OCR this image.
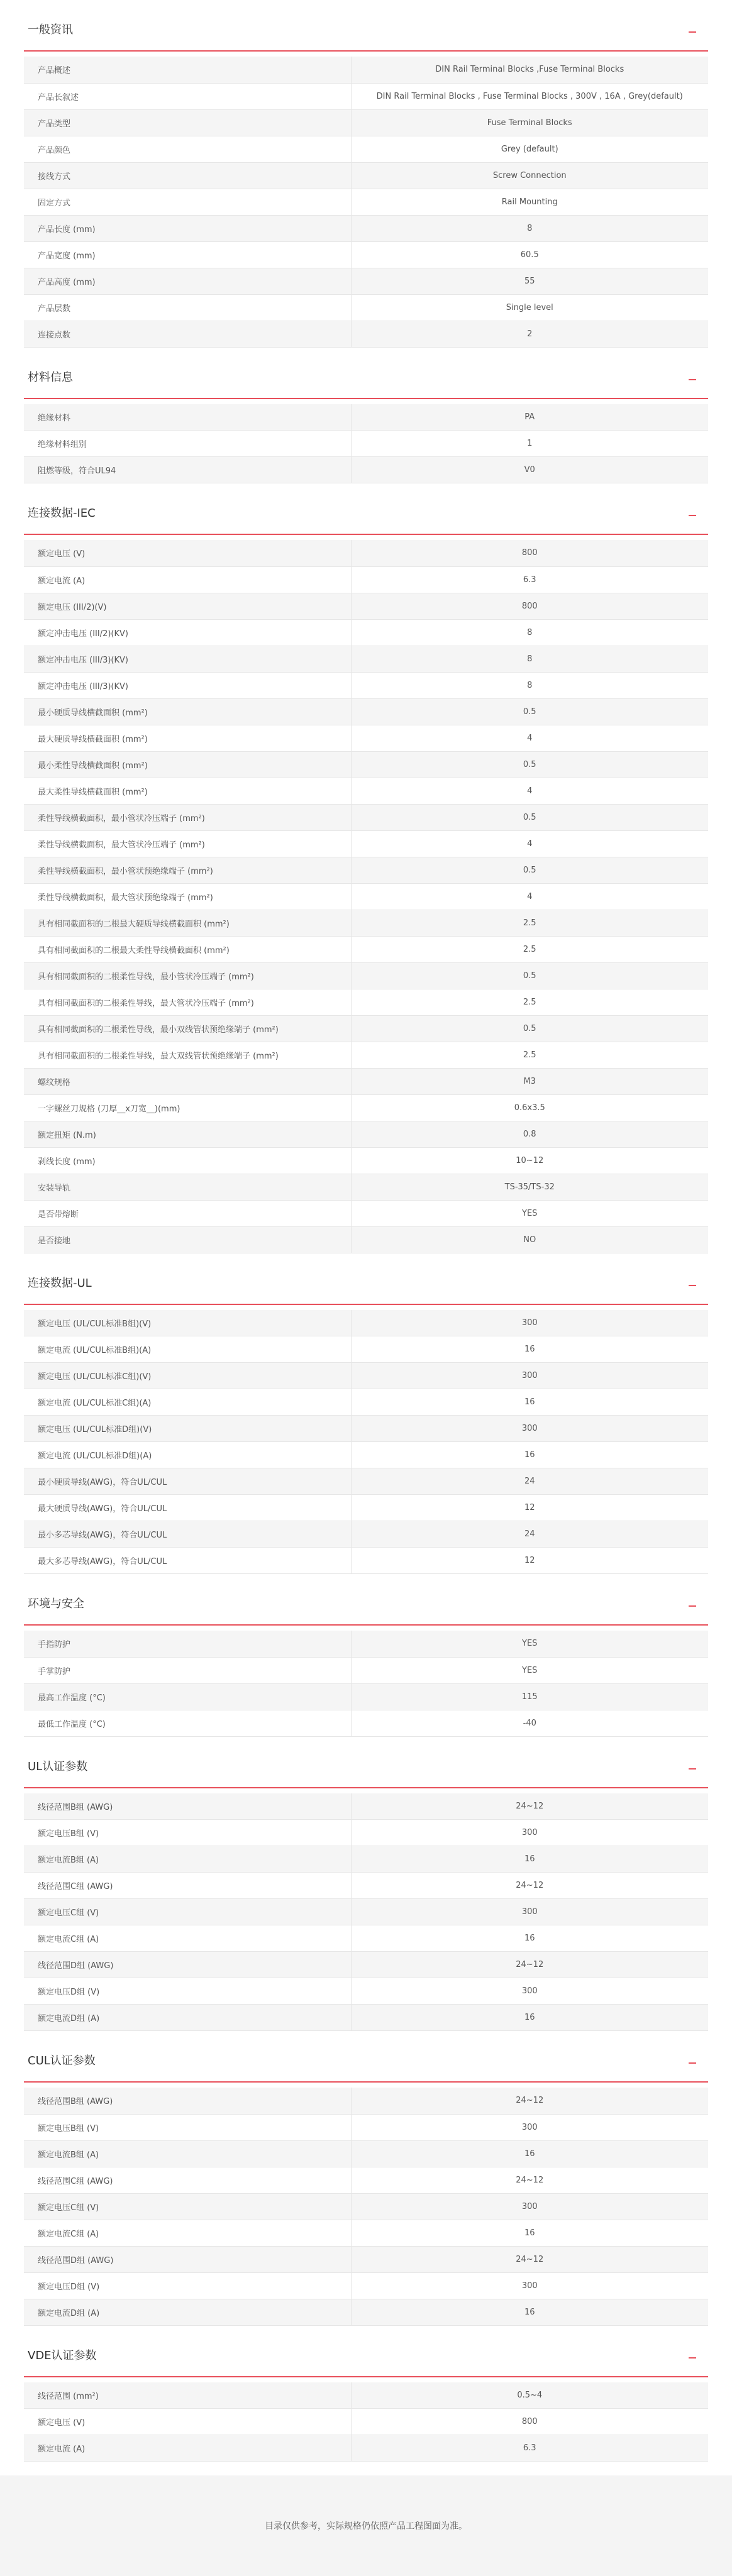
一般资讯
产品概述	DIN Rail Terminal Blocks ,Fuse Terminal Blocks
产品长叙述	DIN Rail Terminal Blocks , Fuse Terminal Blocks , 300V , 16A , Grey(default)
产品类型	Fuse Terminal Blocks
产品颜色	Grey (default)
接线方式	Screw Connection
固定方式	Rail Mounting
产品长度 (mm)	8
产品宽度 (mm)	60.5
产品高度 (mm)	55
产品层数	Single level
连接点数	2
材料信息
绝缘材料	PA
绝缘材料组别	1
阻燃等级，符合UL94	V0
连接数据-IEC
额定电压 (V)	800
额定电流 (A)	6.3
额定电压 (III/2)(V)	800
额定冲击电压 (III/2)(KV)	8
额定冲击电压 (III/3)(KV)	8
额定冲击电压 (III/3)(KV)	8
最小硬质导线横截面积 (mm²)	0.5
最大硬质导线横截面积 (mm²)	4
最小柔性导线横截面积 (mm²)	0.5
最大柔性导线横截面积 (mm²)	4
柔性导线横截面积，最小管状冷压端子 (mm²)	0.5
柔性导线横截面积，最大管状冷压端子 (mm²)	4
柔性导线横截面积，最小管状预绝缘端子 (mm²)	0.5
柔性导线横截面积，最大管状预绝缘端子 (mm²)	4
具有相同截面积的二根最大硬质导线横截面积 (mm²)	2.5
具有相同截面积的二根最大柔性导线横截面积 (mm²)	2.5
具有相同截面积的二根柔性导线，最小管状冷压端子 (mm²)	0.5
具有相同截面积的二根柔性导线，最大管状冷压端子 (mm²)	2.5
具有相同截面积的二根柔性导线，最小双线管状预绝缘端子 (mm²)	0.5
具有相同截面积的二根柔性导线，最大双线管状预绝缘端子 (mm²)	2.5
螺纹规格	M3
一字螺丝刀规格 (刀厚__x刀宽__)(mm)	0.6x3.5
额定扭矩 (N.m)	0.8
剥线长度 (mm)	10~12
安装导轨	TS-35/TS-32
是否带熔断	YES
是否接地	NO
连接数据-UL
额定电压 (UL/CUL标准B组)(V)	300
额定电流 (UL/CUL标准B组)(A)	16
额定电压 (UL/CUL标准C组)(V)	300
额定电流 (UL/CUL标准C组)(A)	16
额定电压 (UL/CUL标准D组)(V)	300
额定电流 (UL/CUL标准D组)(A)	16
最小硬质导线(AWG)，符合UL/CUL	24
最大硬质导线(AWG)，符合UL/CUL	12
最小多芯导线(AWG)，符合UL/CUL	24
最大多芯导线(AWG)，符合UL/CUL	12
环境与安全
手指防护	YES
手掌防护	YES
最高工作温度 (°C)	115
最低工作温度 (°C)	-40
UL认证参数
线径范围B组 (AWG)	24~12
额定电压B组 (V)	300
额定电流B组 (A)	16
线径范围C组 (AWG)	24~12
额定电压C组 (V)	300
额定电流C组 (A)	16
线径范围D组 (AWG)	24~12
额定电压D组 (V)	300
额定电流D组 (A)	16
CUL认证参数
线径范围B组 (AWG)	24~12
额定电压B组 (V)	300
额定电流B组 (A)	16
线径范围C组 (AWG)	24~12
额定电压C组 (V)	300
额定电流C组 (A)	16
线径范围D组 (AWG)	24~12
额定电压D组 (V)	300
额定电流D组 (A)	16
VDE认证参数
线径范围 (mm²)	0.5~4
额定电压 (V)	800
额定电流 (A)	6.3
目录仅供参考，实际规格仍依照产品工程图面为准。
